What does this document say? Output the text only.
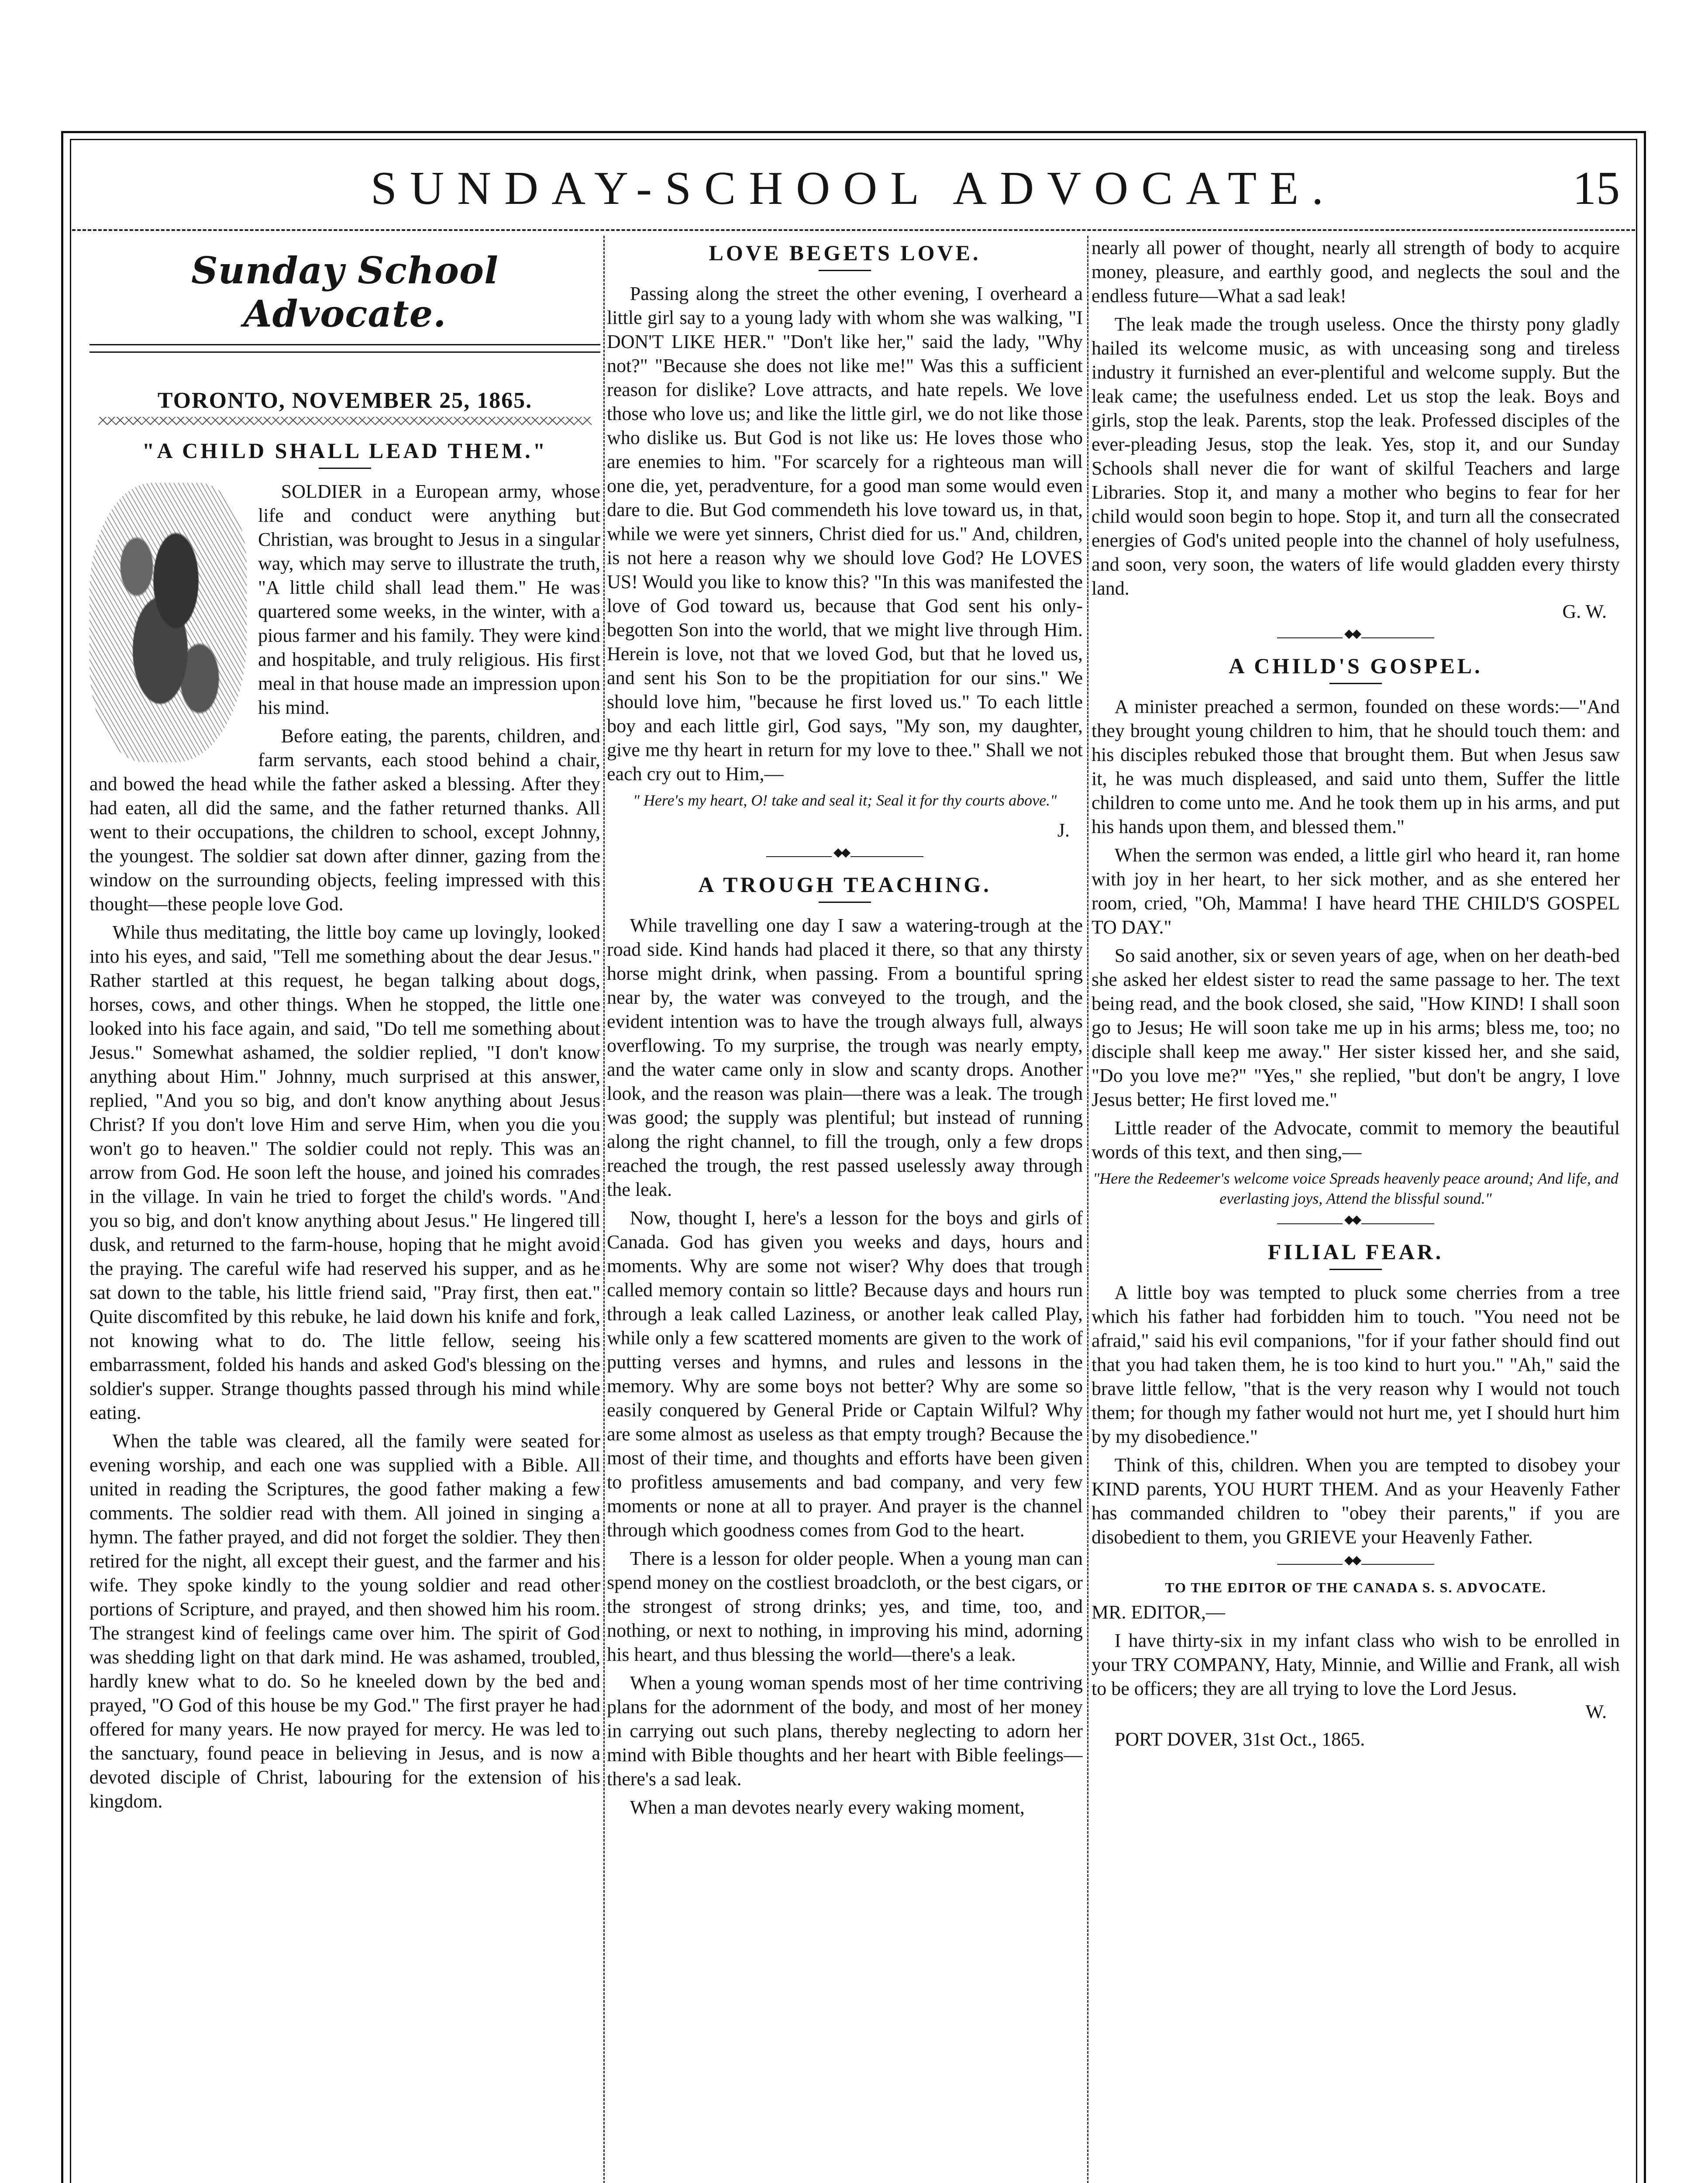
SUNDAY-SCHOOL ADVOCATE.	15
Sunday School Advocate.
TORONTO, NOVEMBER 25, 1865.
"A CHILD SHALL LEAD THEM."

SOLDIER in a European army, whose life and conduct were anything but Christian, was brought to Jesus in a singular way, which may serve to illustrate the truth, "A little child shall lead them." He was quartered some weeks, in the winter, with a pious farmer and his family. They were kind and hospitable, and truly religious. His first meal in that house made an impression upon his mind.

Before eating, the parents, children, and farm servants, each stood behind a chair, and bowed the head while the father asked a blessing. After they had eaten, all did the same, and the father returned thanks. All went to their occupations, the children to school, except Johnny, the youngest. The soldier sat down after dinner, gazing from the window on the surrounding objects, feeling impressed with this thought—these people love God.

While thus meditating, the little boy came up lovingly, looked into his eyes, and said, "Tell me something about the dear Jesus." Rather startled at this request, he began talking about dogs, horses, cows, and other things. When he stopped, the little one looked into his face again, and said, "Do tell me something about Jesus." Somewhat ashamed, the soldier replied, "I don't know anything about Him." Johnny, much surprised at this answer, replied, "And you so big, and don't know anything about Jesus Christ? If you don't love Him and serve Him, when you die you won't go to heaven." The soldier could not reply. This was an arrow from God. He soon left the house, and joined his comrades in the village. In vain he tried to forget the child's words. "And you so big, and don't know anything about Jesus." He lingered till dusk, and returned to the farm-house, hoping that he might avoid the praying. The careful wife had reserved his supper, and as he sat down to the table, his little friend said, "Pray first, then eat." Quite discomfited by this rebuke, he laid down his knife and fork, not knowing what to do. The little fellow, seeing his embarrassment, folded his hands and asked God's blessing on the soldier's supper. Strange thoughts passed through his mind while eating.

When the table was cleared, all the family were seated for evening worship, and each one was supplied with a Bible. All united in reading the Scriptures, the good father making a few comments. The soldier read with them. All joined in singing a hymn. The father prayed, and did not forget the soldier. They then retired for the night, all except their guest, and the farmer and his wife. They spoke kindly to the young soldier and read other portions of Scripture, and prayed, and then showed him his room. The strangest kind of feelings came over him. The spirit of God was shedding light on that dark mind. He was ashamed, troubled, hardly knew what to do. So he kneeled down by the bed and prayed, "O God of this house be my God." The first prayer he had offered for many years. He now prayed for mercy. He was led to the sanctuary, found peace in believing in Jesus, and is now a devoted disciple of Christ, labouring for the extension of his kingdom.

LOVE BEGETS LOVE.

Passing along the street the other evening, I overheard a little girl say to a young lady with whom she was walking, "I DON'T LIKE HER." "Don't like her," said the lady, "Why not?" "Because she does not like me!" Was this a sufficient reason for dislike? Love attracts, and hate repels. We love those who love us; and like the little girl, we do not like those who dislike us. But God is not like us: He loves those who are enemies to him. "For scarcely for a righteous man will one die, yet, peradventure, for a good man some would even dare to die. But God commendeth his love toward us, in that, while we were yet sinners, Christ died for us." And, children, is not here a reason why we should love God? He LOVES US! Would you like to know this? "In this was manifested the love of God toward us, because that God sent his only-begotten Son into the world, that we might live through Him. Herein is love, not that we loved God, but that he loved us, and sent his Son to be the propitiation for our sins." We should love him, "because he first loved us." To each little boy and each little girl, God says, "My son, my daughter, give me thy heart in return for my love to thee." Shall we not each cry out to Him,—

" Here's my heart, O! take and seal it; Seal it for thy courts above."
J.
◆◆
A TROUGH TEACHING.

While travelling one day I saw a watering-trough at the road side. Kind hands had placed it there, so that any thirsty horse might drink, when passing. From a bountiful spring near by, the water was conveyed to the trough, and the evident intention was to have the trough always full, always overflowing. To my surprise, the trough was nearly empty, and the water came only in slow and scanty drops. Another look, and the reason was plain—there was a leak. The trough was good; the supply was plentiful; but instead of running along the right channel, to fill the trough, only a few drops reached the trough, the rest passed uselessly away through the leak.

Now, thought I, here's a lesson for the boys and girls of Canada. God has given you weeks and days, hours and moments. Why are some not wiser? Why does that trough called memory contain so little? Because days and hours run through a leak called Laziness, or another leak called Play, while only a few scattered moments are given to the work of putting verses and hymns, and rules and lessons in the memory. Why are some boys not better? Why are some so easily conquered by General Pride or Captain Wilful? Why are some almost as useless as that empty trough? Because the most of their time, and thoughts and efforts have been given to profitless amusements and bad company, and very few moments or none at all to prayer. And prayer is the channel through which goodness comes from God to the heart.

There is a lesson for older people. When a young man can spend money on the costliest broadcloth, or the best cigars, or the strongest of strong drinks; yes, and time, too, and nothing, or next to nothing, in improving his mind, adorning his heart, and thus blessing the world—there's a leak.

When a young woman spends most of her time contriving plans for the adornment of the body, and most of her money in carrying out such plans, thereby neglecting to adorn her mind with Bible thoughts and her heart with Bible feelings—there's a sad leak.

When a man devotes nearly every waking moment,

nearly all power of thought, nearly all strength of body to acquire money, pleasure, and earthly good, and neglects the soul and the endless future—What a sad leak!

The leak made the trough useless. Once the thirsty pony gladly hailed its welcome music, as with unceasing song and tireless industry it furnished an ever-plentiful and welcome supply. But the leak came; the usefulness ended. Let us stop the leak. Boys and girls, stop the leak. Parents, stop the leak. Professed disciples of the ever-pleading Jesus, stop the leak. Yes, stop it, and our Sunday Schools shall never die for want of skilful Teachers and large Libraries. Stop it, and many a mother who begins to fear for her child would soon begin to hope. Stop it, and turn all the consecrated energies of God's united people into the channel of holy usefulness, and soon, very soon, the waters of life would gladden every thirsty land.

G. W.
◆◆
A CHILD'S GOSPEL.

A minister preached a sermon, founded on these words:—"And they brought young children to him, that he should touch them: and his disciples rebuked those that brought them. But when Jesus saw it, he was much displeased, and said unto them, Suffer the little children to come unto me. And he took them up in his arms, and put his hands upon them, and blessed them."

When the sermon was ended, a little girl who heard it, ran home with joy in her heart, to her sick mother, and as she entered her room, cried, "Oh, Mamma! I have heard THE CHILD'S GOSPEL TO DAY."

So said another, six or seven years of age, when on her death-bed she asked her eldest sister to read the same passage to her. The text being read, and the book closed, she said, "How KIND! I shall soon go to Jesus; He will soon take me up in his arms; bless me, too; no disciple shall keep me away." Her sister kissed her, and she said, "Do you love me?" "Yes," she replied, "but don't be angry, I love Jesus better; He first loved me."

Little reader of the Advocate, commit to memory the beautiful words of this text, and then sing,—

"Here the Redeemer's welcome voice Spreads heavenly peace around; And life, and everlasting joys, Attend the blissful sound."
◆◆
FILIAL FEAR.

A little boy was tempted to pluck some cherries from a tree which his father had forbidden him to touch. "You need not be afraid," said his evil companions, "for if your father should find out that you had taken them, he is too kind to hurt you." "Ah," said the brave little fellow, "that is the very reason why I would not touch them; for though my father would not hurt me, yet I should hurt him by my disobedience."

Think of this, children. When you are tempted to disobey your KIND parents, YOU HURT THEM. And as your Heavenly Father has commanded children to "obey their parents," if you are disobedient to them, you GRIEVE your Heavenly Father.

◆◆
TO THE EDITOR OF THE CANADA S. S. ADVOCATE.

MR. EDITOR,—

I have thirty-six in my infant class who wish to be enrolled in your TRY COMPANY, Haty, Minnie, and Willie and Frank, all wish to be officers; they are all trying to love the Lord Jesus.

W.

PORT DOVER, 31st Oct., 1865.
